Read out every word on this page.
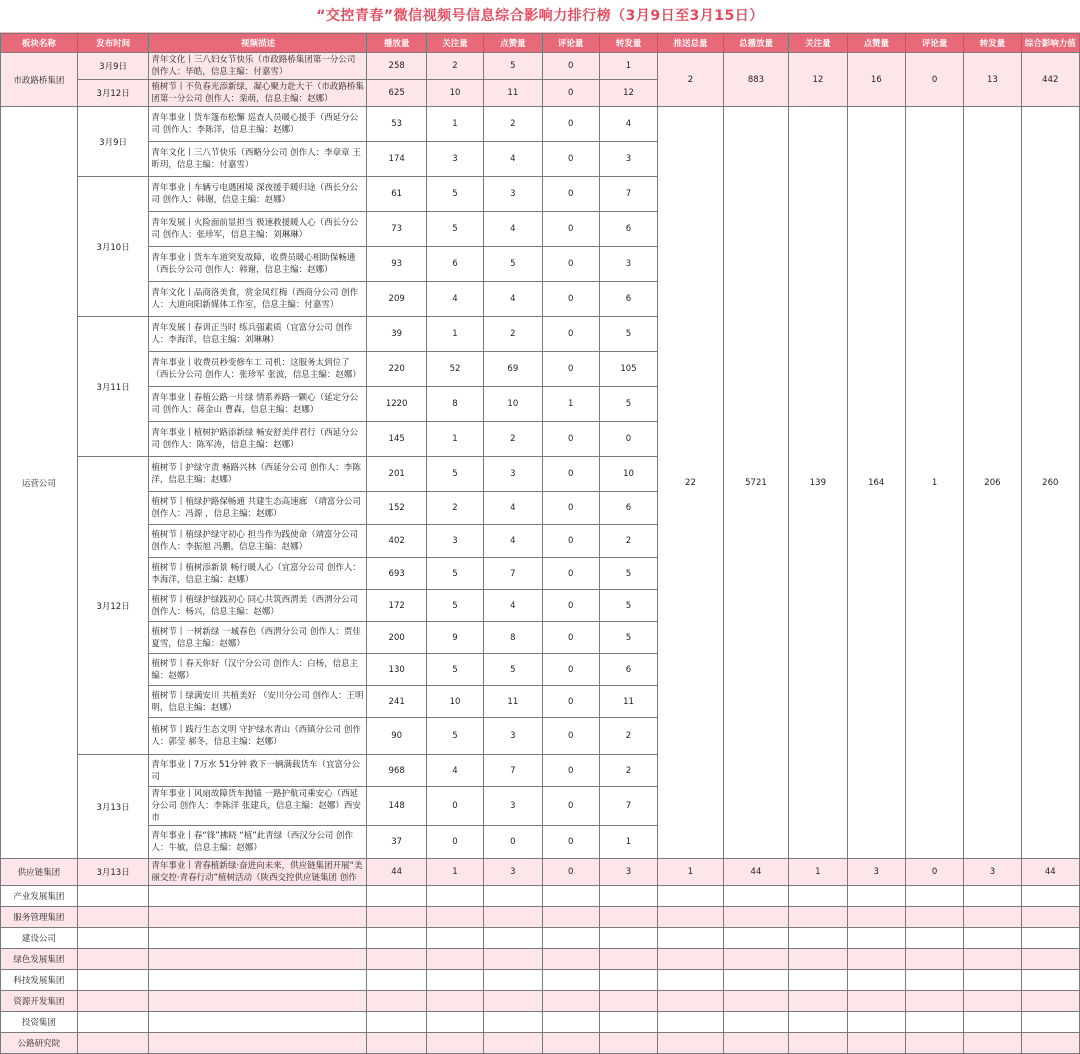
“交控青春”微信视频号信息综合影响力排行榜（3月9日至3月15日）
板块名称	发布时间	视频描述	播放量	关注量	点赞量	评论量	转发量	推送总量	总播放量	关注量	点赞量	评论量	转发量	综合影响力值
市政路桥集团	3月9日	青年文化丨三八妇女节快乐（市政路桥集团第一分公司 创作人：毕皓，信息主编：付嘉雪）	258	2	5	0	1	2	883	12	16	0	13	442
	3月12日	植树节丨不负春光添新绿，凝心聚力赴大干（市政路桥集团第一分公司 创作人：栾萌，信息主编：赵娜）	625	10	11	0	12							
运营公司	3月9日	青年事业丨货车篷布松懈 巡查人员暖心援手（西延分公司 创作人：李陈洋，信息主编：赵娜）	53	1	2	0	4	22	5721	139	164	1	206	260
		青年文化丨三八节快乐（西略分公司 创作人：李章章 王昕玥，信息主编：付嘉雪）	174	3	4	0	3							
	3月10日	青年事业丨车辆亏电遇困境 深夜援手暖归途（西长分公司 创作人：韩谢，信息主编：赵娜）	61	5	3	0	7							
		青年发展丨火险面前显担当 极速救援暖人心（西长分公司 创作人：张珍军，信息主编：刘琳琳）	73	5	4	0	6							
		青年事业丨货车车道突发故障，收费员暖心相助保畅通（西长分公司 创作人：韩谢，信息主编：赵娜）	93	6	5	0	3							
		青年文化丨品商洛美食，赏金凤红梅（西商分公司 创作人：大道向阳新媒体工作室，信息主编：付嘉雪）	209	4	4	0	6							
	3月11日	青年发展丨春训正当时 练兵强素质（宜富分公司 创作人：李海洋，信息主编：刘琳琳）	39	1	2	0	5							
		青年事业丨收费员秒变修车工 司机：这服务太到位了（西长分公司 创作人：张珍军 张波，信息主编：赵娜）	220	52	69	0	105							
		青年事业丨春植公路一片绿 情系养路一颗心（延定分公司 创作人：蒋金山 曹森，信息主编：赵娜）	1220	8	10	1	5							
		青年事业丨植树护路添新绿 畅安舒美伴君行（西延分公司 创作人：陈军涛，信息主编：赵娜）	145	1	2	0	0							
	3月12日	植树节丨护绿守责 畅路兴林（西延分公司 创作人：李陈洋，信息主编：赵娜）	201	5	3	0	10							
		植树节丨植绿护路保畅通 共建生态高速廊 （靖富分公司 创作人：冯源 ，信息主编：赵娜）	152	2	4	0	6							
		植树节丨植绿护绿守初心 担当作为践使命（靖富分公司 创作人：李振旭 冯鹏，信息主编：赵娜）	402	3	4	0	2							
		植树节丨植树添新景 畅行暖人心（宜富分公司 创作人：李海洋，信息主编：赵娜）	693	5	7	0	5							
		植树节丨植绿护绿践初心 同心共筑西渭美（西渭分公司 创作人：杨兴，信息主编：赵娜）	172	5	4	0	5							
		植树节丨一树新绿 一城春色（西渭分公司 创作人：贾佳夏雪，信息主编：赵娜）	200	9	8	0	5							
		植树节丨春天你好（汉宁分公司 创作人：白杨，信息主编：赵娜）	130	5	5	0	6							
		植树节丨绿满安川 共植美好 （安川分公司 创作人：王明明，信息主编：赵娜）	241	10	11	0	11							
		植树节丨践行生态文明 守护绿水青山（西镇分公司 创作人：郭莹 郝冬，信息主编：赵娜）	90	5	3	0	2							
	3月13日	青年事业丨7万水 51分钟 救下一辆满载货车（宜富分公司	968	4	7	0	2							
		青年事业丨风扇故障货车抛锚 一路护航司乘安心（西延分公司 创作人：李陈洋 张建兵，信息主编：赵娜）西安市	148	0	3	0	7							
		青年事业丨春“锋”拂晓 “植”此青绿（西汉分公司 创作人：牛敏，信息主编：赵娜）	37	0	0	0	1							
供应链集团	3月13日	青年事业丨青春植新绿·奋进向未来，供应链集团开展“美丽交控·青春行动”植树活动（陕西交控供应链集团 创作	44	1	3	0	3	1	44	1	3	0	3	44
产业发展集团														
服务管理集团														
建设公司														
绿色发展集团														
科技发展集团														
资源开发集团														
投资集团														
公路研究院														
